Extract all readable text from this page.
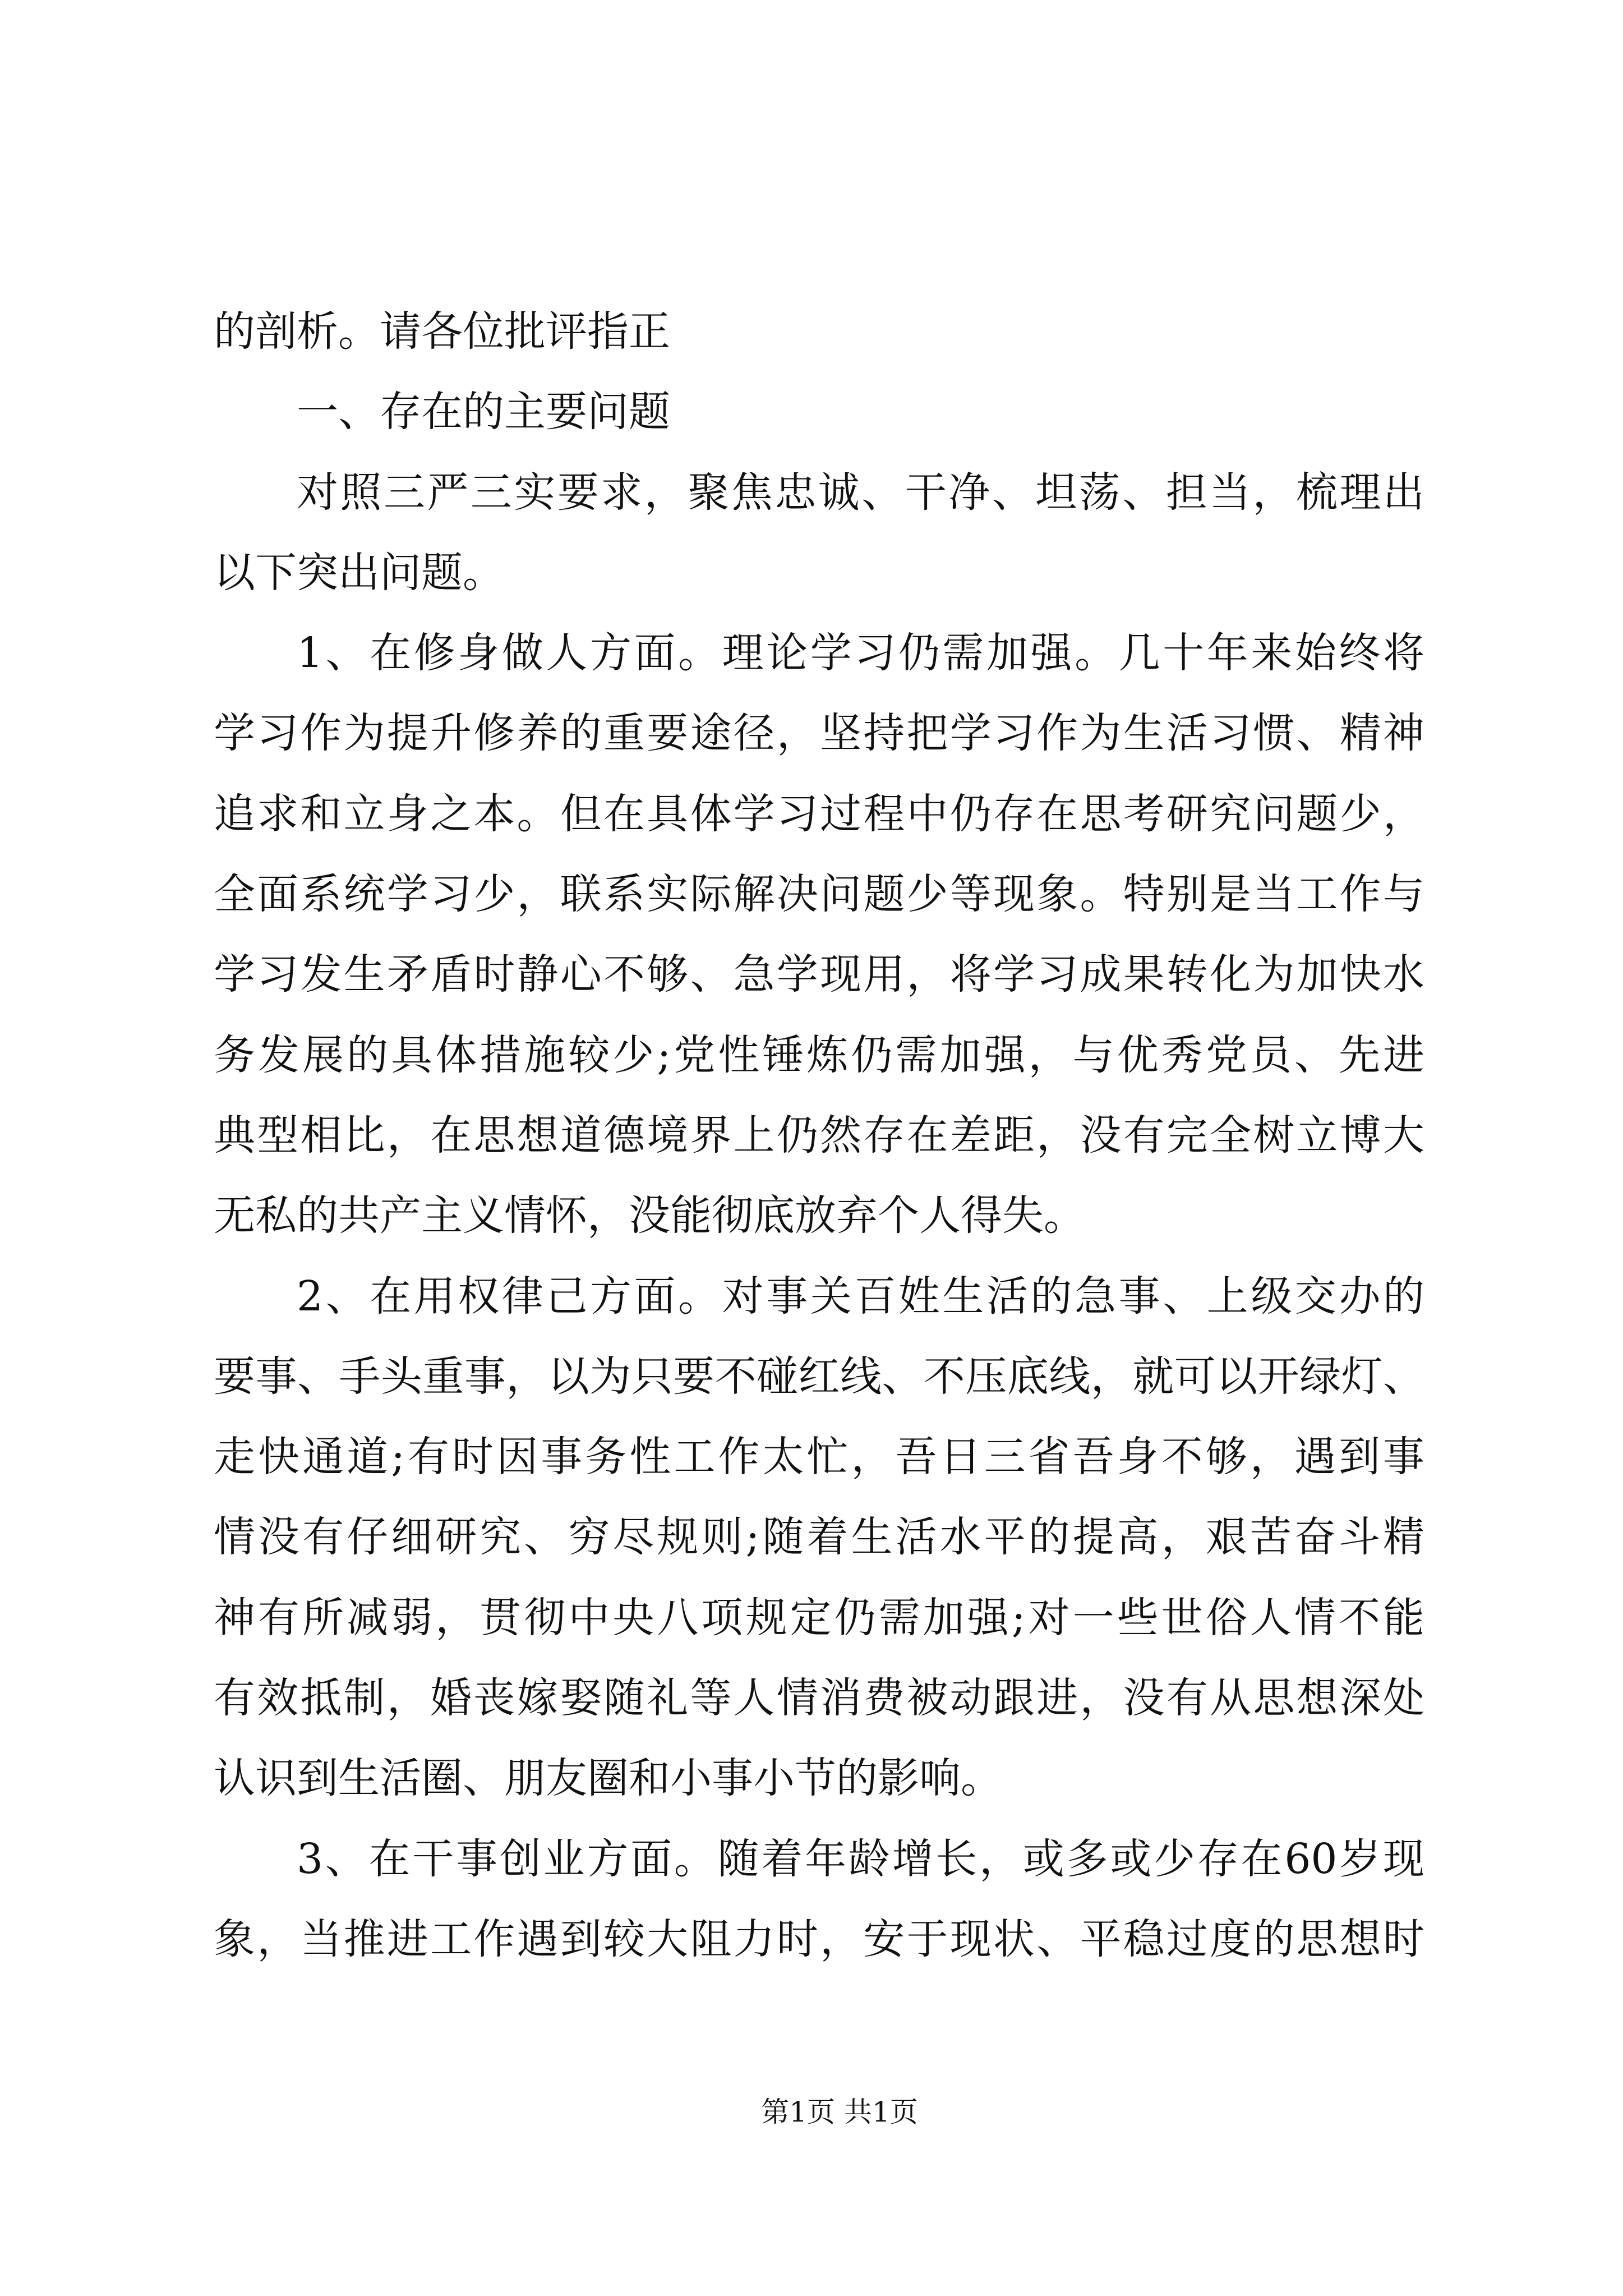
的剖析。请各位批评指正
一、存在的主要问题
对照三严三实要求，聚焦忠诚、干净、坦荡、担当，梳理出
以下突出问题。
1、在修身做人方面。理论学习仍需加强。几十年来始终将
学习作为提升修养的重要途径，坚持把学习作为生活习惯、精神
追求和立身之本。但在具体学习过程中仍存在思考研究问题少，
全面系统学习少，联系实际解决问题少等现象。特别是当工作与
学习发生矛盾时静心不够、急学现用，将学习成果转化为加快水
务发展的具体措施较少;党性锤炼仍需加强，与优秀党员、先进
典型相比，在思想道德境界上仍然存在差距，没有完全树立博大
无私的共产主义情怀，没能彻底放弃个人得失。
2、在用权律己方面。对事关百姓生活的急事、上级交办的
要事、手头重事，以为只要不碰红线、不压底线，就可以开绿灯、
走快通道;有时因事务性工作太忙，吾日三省吾身不够，遇到事
情没有仔细研究、穷尽规则;随着生活水平的提高，艰苦奋斗精
神有所减弱，贯彻中央八项规定仍需加强;对一些世俗人情不能
有效抵制，婚丧嫁娶随礼等人情消费被动跟进，没有从思想深处
认识到生活圈、朋友圈和小事小节的影响。
3、在干事创业方面。随着年龄增长，或多或少存在60岁现
象，当推进工作遇到较大阻力时，安于现状、平稳过度的思想时
第1页 共1页
